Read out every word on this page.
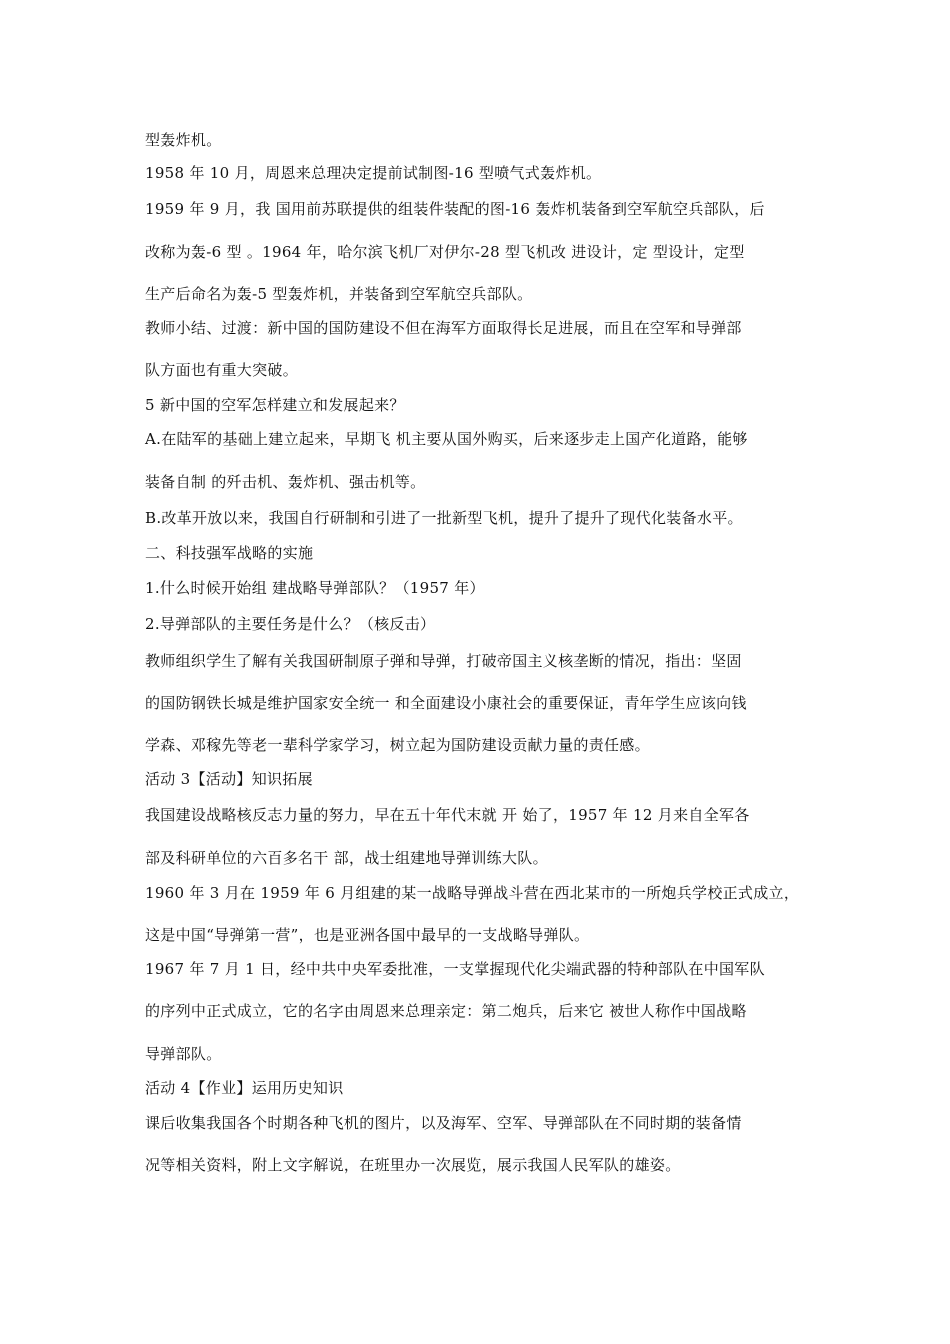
型轰炸机。
1958 年 10 月，周恩来总理决定提前试制图-16 型喷气式轰炸机。
1959 年 9 月，我 国用前苏联提供的组装件装配的图-16 轰炸机装备到空军航空兵部队，后
改称为轰-6 型 。1964 年，哈尔滨飞机厂对伊尔-28 型飞机改 进设计，定 型设计，定型
生产后命名为轰-5 型轰炸机，并装备到空军航空兵部队。
教师小结、过渡：新中国的国防建设不但在海军方面取得长足进展，而且在空军和导弹部
队方面也有重大突破。
5 新中国的空军怎样建立和发展起来？
A.在陆军的基础上建立起来，早期飞 机主要从国外购买，后来逐步走上国产化道路，能够
装备自制 的歼击机、轰炸机、强击机等。
B.改革开放以来，我国自行研制和引进了一批新型飞机，提升了提升了现代化装备水平。
二、科技强军战略的实施
1.什么时候开始组 建战略导弹部队？（1957 年）
2.导弹部队的主要任务是什么？（核反击）
教师组织学生了解有关我国研制原子弹和导弹，打破帝国主义核垄断的情况，指出：坚固
的国防钢铁长城是维护国家安全统一 和全面建设小康社会的重要保证，青年学生应该向钱
学森、邓稼先等老一辈科学家学习，树立起为国防建设贡献力量的责任感。
活动 3【活动】知识拓展
我国建设战略核反志力量的努力，早在五十年代末就 开 始了，1957 年 12 月来自全军各
部及科研单位的六百多名干 部，战士组建地导弹训练大队。
1960 年 3 月在 1959 年 6 月组建的某一战略导弹战斗营在西北某市的一所炮兵学校正式成立，
这是中国“导弹第一营”，也是亚洲各国中最早的一支战略导弹队。
1967 年 7 月 1 日，经中共中央军委批准，一支掌握现代化尖端武器的特种部队在中国军队
的序列中正式成立，它的名字由周恩来总理亲定：第二炮兵，后来它 被世人称作中国战略
导弹部队。
活动 4【作业】运用历史知识
课后收集我国各个时期各种飞机的图片，以及海军、空军、导弹部队在不同时期的装备情
况等相关资料，附上文字解说，在班里办一次展览，展示我国人民军队的雄姿。
